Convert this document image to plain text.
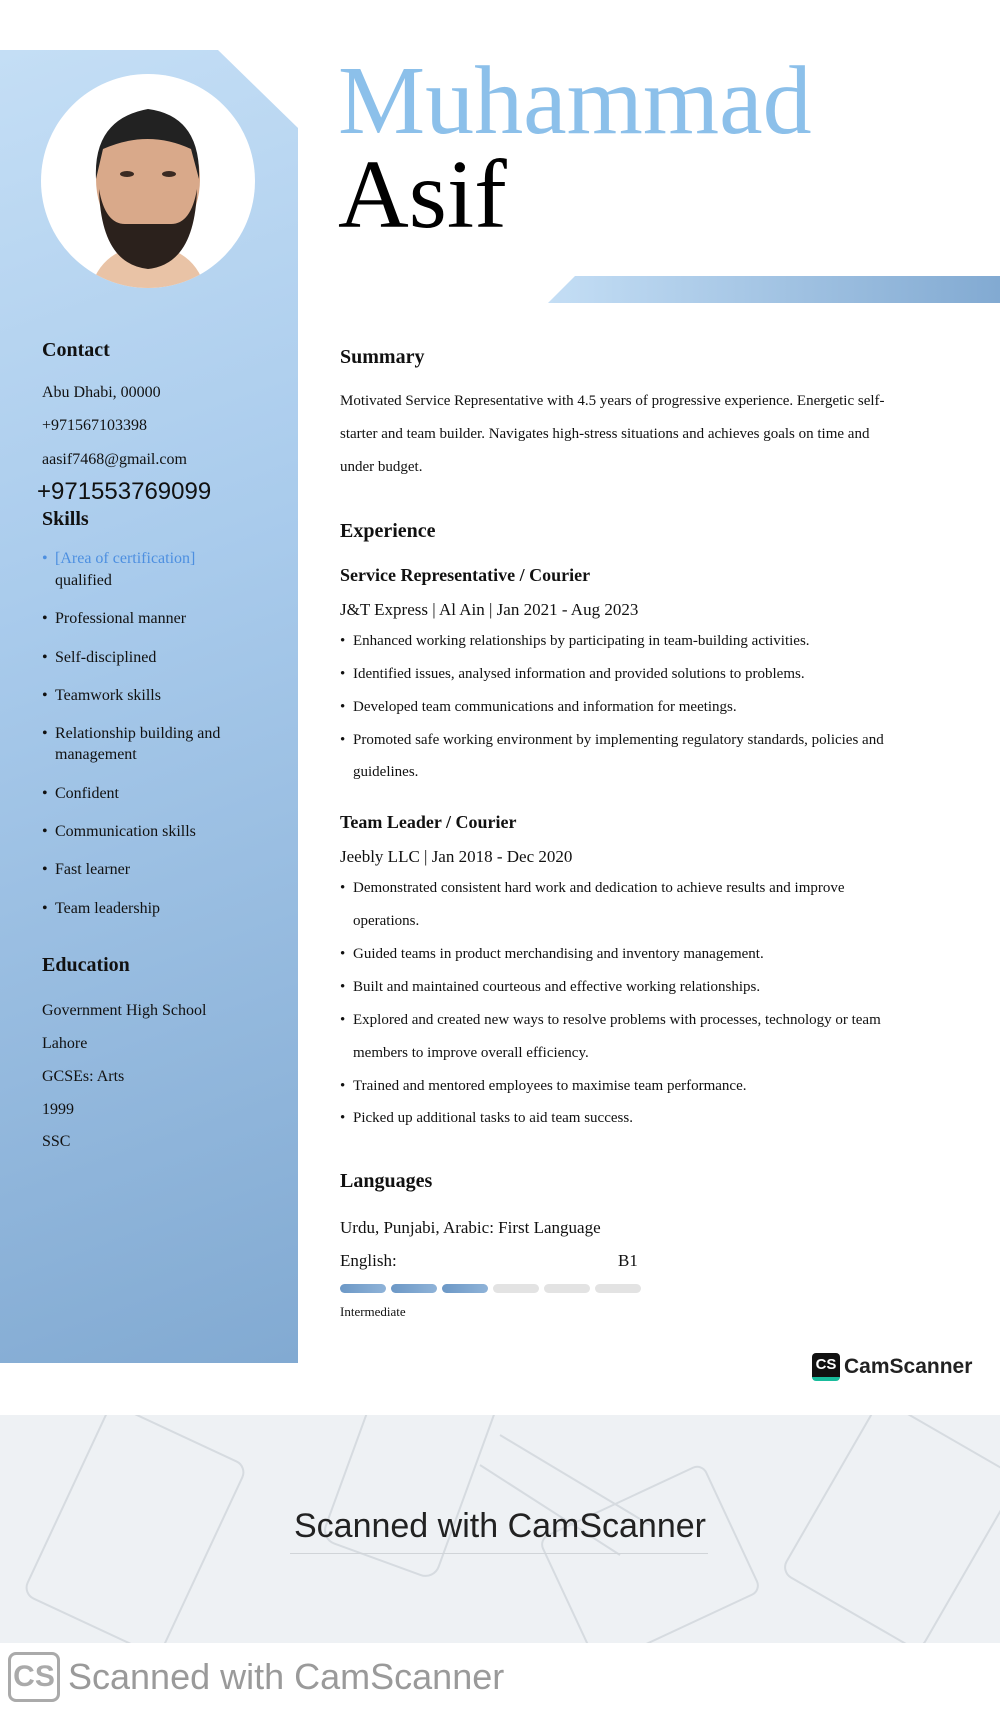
Muhammad
Asif
Contact
Abu Dhabi, 00000
+971567103398
aasif7468@gmail.com
+971553769099
Skills
• [Area of certification]
qualified
• Professional manner
• Self-disciplined
• Teamwork skills
• Relationship building and
management
• Confident
• Communication skills
• Fast learner
• Team leadership
Education
Government High School
Lahore
GCSEs: Arts
1999
SSC
Summary
Motivated Service Representative with 4.5 years of progressive experience. Energetic self-
starter and team builder. Navigates high-stress situations and achieves goals on time and
under budget.
Experience
Service Representative / Courier
J&T Express | Al Ain | Jan 2021 - Aug 2023
• Enhanced working relationships by participating in team-building activities.
• Identified issues, analysed information and provided solutions to problems.
• Developed team communications and information for meetings.
• Promoted safe working environment by implementing regulatory standards, policies and
guidelines.
Team Leader / Courier
Jeebly LLC | Jan 2018 - Dec 2020
• Demonstrated consistent hard work and dedication to achieve results and improve
operations.
• Guided teams in product merchandising and inventory management.
• Built and maintained courteous and effective working relationships.
• Explored and created new ways to resolve problems with processes, technology or team
members to improve overall efficiency.
• Trained and mentored employees to maximise team performance.
• Picked up additional tasks to aid team success.
Languages
Urdu, Punjabi, Arabic: First Language
English:	B1
Intermediate
CS CamScanner
Scanned with CamScanner
CS Scanned with CamScanner
